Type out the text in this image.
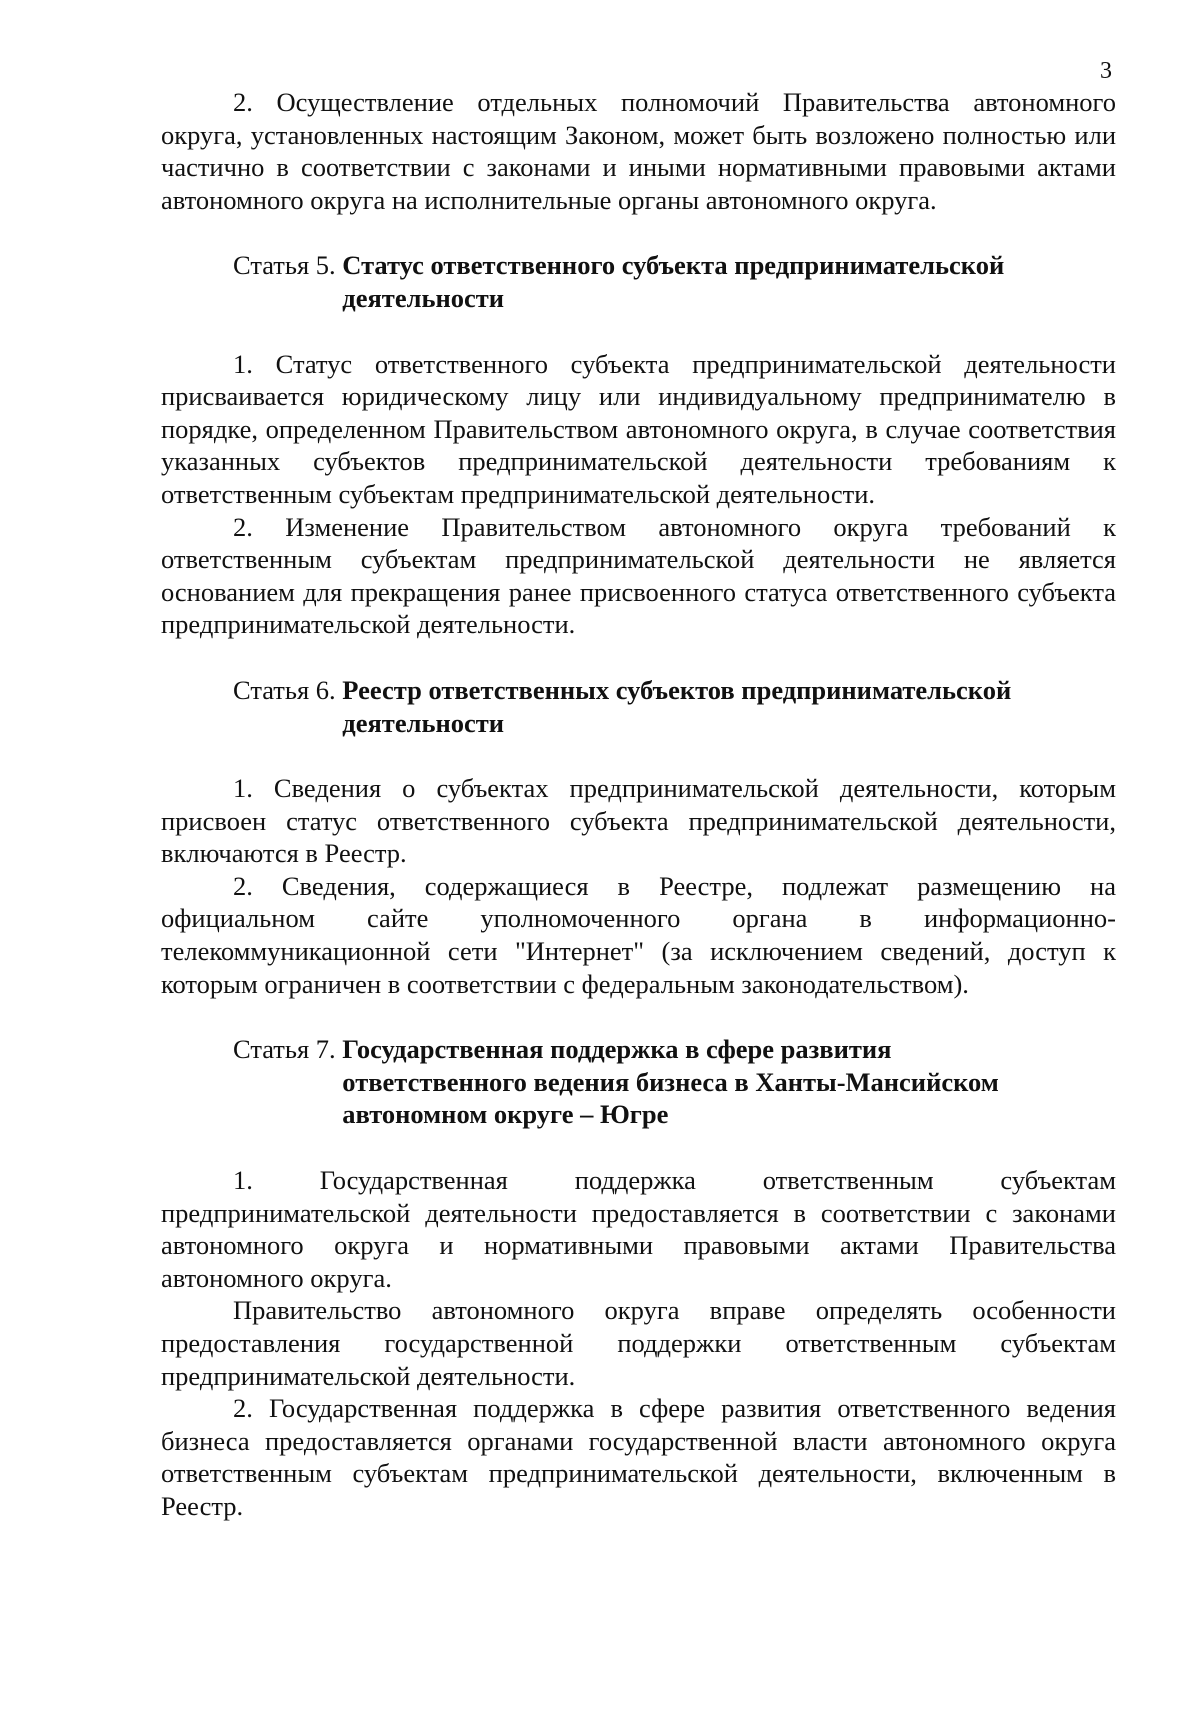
3

2. Осуществление отдельных полномочий Правительства автономного округа, установленных настоящим Законом, может быть возложено полностью или частично в соответствии с законами и иными нормативными правовыми актами автономного округа на исполнительные органы автономного округа.

Статья 5. Статус ответственного субъекта предпринимательской деятельности

1. Статус ответственного субъекта предпринимательской деятельности присваивается юридическому лицу или индивидуальному предпринимателю в порядке, определенном Правительством автономного округа, в случае соответствия указанных субъектов предпринимательской деятельности требованиям к ответственным субъектам предпринимательской деятельности.

2. Изменение Правительством автономного округа требований к ответственным субъектам предпринимательской деятельности не является основанием для прекращения ранее присвоенного статуса ответственного субъекта предпринимательской деятельности.

Статья 6. Реестр ответственных субъектов предпринимательской деятельности

1. Сведения о субъектах предпринимательской деятельности, которым присвоен статус ответственного субъекта предпринимательской деятельности, включаются в Реестр.

2. Сведения, содержащиеся в Реестре, подлежат размещению на официальном сайте уполномоченного органа в информационно-телекоммуникационной сети "Интернет" (за исключением сведений, доступ к которым ограничен в соответствии с федеральным законодательством).

Статья 7. Государственная поддержка в сфере развития ответственного ведения бизнеса в Ханты-Мансийском автономном округе – Югре

1. Государственная поддержка ответственным субъектам предпринимательской деятельности предоставляется в соответствии с законами автономного округа и нормативными правовыми актами Правительства автономного округа.

Правительство автономного округа вправе определять особенности предоставления государственной поддержки ответственным субъектам предпринимательской деятельности.

2. Государственная поддержка в сфере развития ответственного ведения бизнеса предоставляется органами государственной власти автономного округа ответственным субъектам предпринимательской деятельности, включенным в Реестр.
